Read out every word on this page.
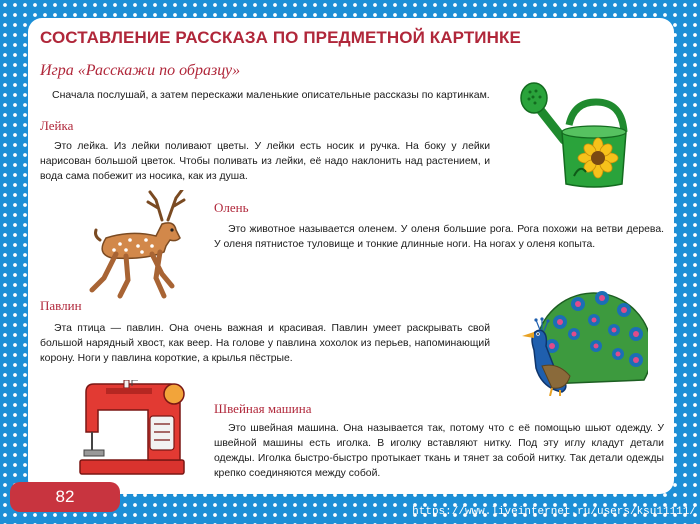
СОСТАВЛЕНИЕ РАССКАЗА ПО ПРЕДМЕТНОЙ КАРТИНКЕ
Игра «Расскажи по образцу»
Сначала послушай, а затем перескажи маленькие описательные рассказы по картинкам.
Лейка

Это лейка. Из лейки поливают цветы. У лейки есть носик и ручка. На боку у лейки нарисован большой цветок. Чтобы поливать из лейки, её надо наклонить над растением, и вода сама побежит из носика, как из душа.

Олень

Это животное называется оленем. У оленя большие рога. Рога похожи на ветви дерева. У оленя пятнистое туловище и тонкие длинные ноги. На ногах у оленя копыта.

Павлин

Эта птица — павлин. Она очень важная и красивая. Павлин умеет раскрывать свой большой нарядный хвост, как веер. На голове у павлина хохолок из перьев, напоминающий корону. Ноги у павлина короткие, а крылья пёстрые.

Швейная машина

Это швейная машина. Она называется так, потому что с её помощью шьют одежду. У швейной машины есть иголка. В иголку вставляют нитку. Под эту иглу кладут детали одежды. Иголка быстро-быстро протыкает ткань и тянет за собой нитку. Так детали одежды крепко соединяются между собой.

82
https://www.liveinternet.ru/users/ksu11111/
